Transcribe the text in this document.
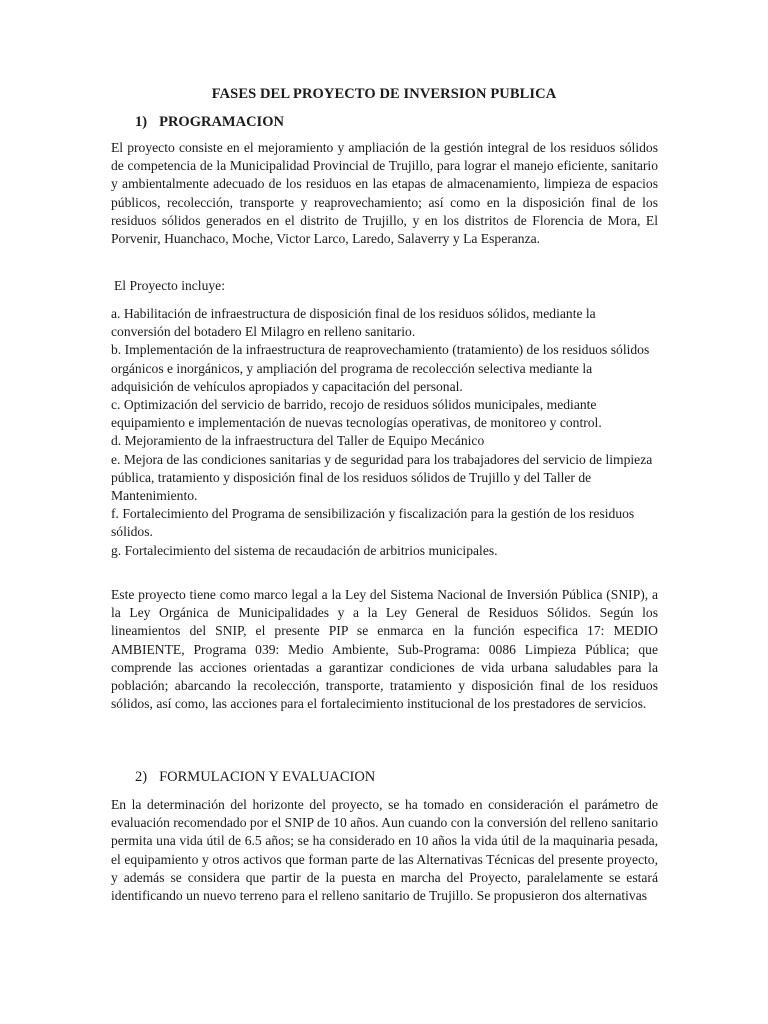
FASES DEL PROYECTO DE INVERSION PUBLICA
1) PROGRAMACION

El proyecto consiste en el mejoramiento y ampliación de la gestión integral de los residuos sólidos de competencia de la Municipalidad Provincial de Trujillo, para lograr el manejo eficiente, sanitario y ambientalmente adecuado de los residuos en las etapas de almacenamiento, limpieza de espacios públicos, recolección, transporte y reaprovechamiento; así como en la disposición final de los residuos sólidos generados en el distrito de Trujillo, y en los distritos de Florencia de Mora, El Porvenir, Huanchaco, Moche, Victor Larco, Laredo, Salaverry y La Esperanza.

El Proyecto incluye:

a. Habilitación de infraestructura de disposición final de los residuos sólidos, mediante la conversión del botadero El Milagro en relleno sanitario.
b. Implementación de la infraestructura de reaprovechamiento (tratamiento) de los residuos sólidos orgánicos e inorgánicos, y ampliación del programa de recolección selectiva mediante la adquisición de vehículos apropiados y capacitación del personal.
c. Optimización del servicio de barrido, recojo de residuos sólidos municipales, mediante equipamiento e implementación de nuevas tecnologías operativas, de monitoreo y control.
d. Mejoramiento de la infraestructura del Taller de Equipo Mecánico
e. Mejora de las condiciones sanitarias y de seguridad para los trabajadores del servicio de limpieza pública, tratamiento y disposición final de los residuos sólidos de Trujillo y del Taller de Mantenimiento.
f. Fortalecimiento del Programa de sensibilización y fiscalización para la gestión de los residuos sólidos.
g. Fortalecimiento del sistema de recaudación de arbitrios municipales.

Este proyecto tiene como marco legal a la Ley del Sistema Nacional de Inversión Pública (SNIP), a la Ley Orgánica de Municipalidades y a la Ley General de Residuos Sólidos. Según los lineamientos del SNIP, el presente PIP se enmarca en la función especifica 17: MEDIO AMBIENTE, Programa 039: Medio Ambiente, Sub-Programa: 0086 Limpieza Pública; que comprende las acciones orientadas a garantizar condiciones de vida urbana saludables para la población; abarcando la recolección, transporte, tratamiento y disposición final de los residuos sólidos, así como, las acciones para el fortalecimiento institucional de los prestadores de servicios.

2) FORMULACION Y EVALUACION

En la determinación del horizonte del proyecto, se ha tomado en consideración el parámetro de evaluación recomendado por el SNIP de 10 años. Aun cuando con la conversión del relleno sanitario permita una vida útil de 6.5 años; se ha considerado en 10 años la vida útil de la maquinaria pesada, el equipamiento y otros activos que forman parte de las Alternativas Técnicas del presente proyecto, y además se considera que partir de la puesta en marcha del Proyecto, paralelamente se estará identificando un nuevo terreno para el relleno sanitario de Trujillo. Se propusieron dos alternativas
